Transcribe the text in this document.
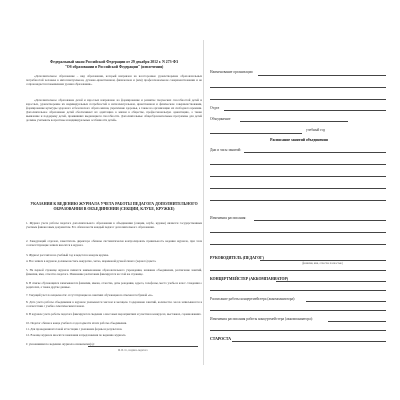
Федеральный закон Российской Федерации от 29 декабря 2012 г. N 273-ФЗ
"Об образовании в Российской Федерации" (извлечения)

«Дополнительное образование – вид образования, который направлен на всестороннее удовлетворение образовательных потребностей человека в интеллектуальном, духовно-нравственном, физическом и (или) профессиональном совершенствовании и не сопровождается повышением уровня образования».

«Дополнительное образование детей и взрослых направлено на формирование и развитие творческих способностей детей и взрослых, удовлетворение их индивидуальных потребностей в интеллектуальном, нравственном и физическом совершенствовании, формирование культуры здорового и безопасного образа жизни, укрепление здоровья, а также на организацию их свободного времени. Дополнительное образование детей обеспечивает их адаптацию к жизни в обществе, профессиональную ориентацию, а также выявление и поддержку детей, проявивших выдающиеся способности. Дополнительные общеобразовательные программы для детей должны учитывать возрастные и индивидуальные особенности детей».

УКАЗАНИЯ К ВЕДЕНИЮ ЖУРНАЛА УЧЕТА РАБОТЫ ПЕДАГОГА ДОПОЛНИТЕЛЬНОГО ОБРАЗОВАНИЯ В ОБЪЕДИНЕНИИ (СЕКЦИИ, КЛУБЕ, КРУЖКЕ)

1. Журнал учета работы педагога дополнительного образования в объединении (секции, клубе, кружке) является государственным учетным финансовым документом. Его обязан вести каждый педагог дополнительного образования.

2. Заведующий отделом, заместитель директора обязаны систематически контролировать правильность ведения журнала, при этом соответствующие записи вносятся в журнал.

3. Журнал рассчитан на учебный год и ведется в каждом кружке.

4. Все записи в журнале должны вестись аккуратно, четко, шариковой ручкой синего (черного) цвета.

5. На первой странице журнала пишется наименование образовательного учреждения, название объединения, расписание занятий, фамилия, имя, отчество педагога. Изменение расписания фиксируется на этой же странице.

6. В списке обучающихся записываются фамилии, имена, отчества, даты рождения, адреса, телефоны, место учебы и класс. Сведения о родителях, а также другие данные.

7. Текущий учет посещаемости: отсутствующие на занятиях обучающиеся отмечаются буквой «н».

8. Дата учета работы объединения в журнале указывается числом и месяцем. Содержание занятий, количество часов записываются в соответствии с учебно-тематическим планом.

9. В журнале учета работы педагога фиксируются сведения о массовых мероприятиях и участии в конкурсах, выставках, соревнованиях.

10. Педагог обязан в конце учебного года подвести итоги работы объединения.

11. Для проведения итоговой аттестации с указанием формы и результатов.

12. В конце журнала вносятся замечания и предложения по ведению журнала.

С указаниями по ведению журнала ознакомлен(а):
Ф. И. О., подпись педагога
Наименование организации
Отдел
Объединение
учебный год
Расписание занятий объединения
Дни и часы занятий:
Изменения расписания:
РУКОВОДИТЕЛЬ (ПЕДАГОГ)
(фамилия, имя, отчество полностью)
КОНЦЕРТМЕЙСТЕР (АККОМПАНИАТОР)
Расписание работы концертмейстера (аккомпаниатора):
Изменения расписания работы концертмейстера (аккомпаниатора):
СТАРОСТА
